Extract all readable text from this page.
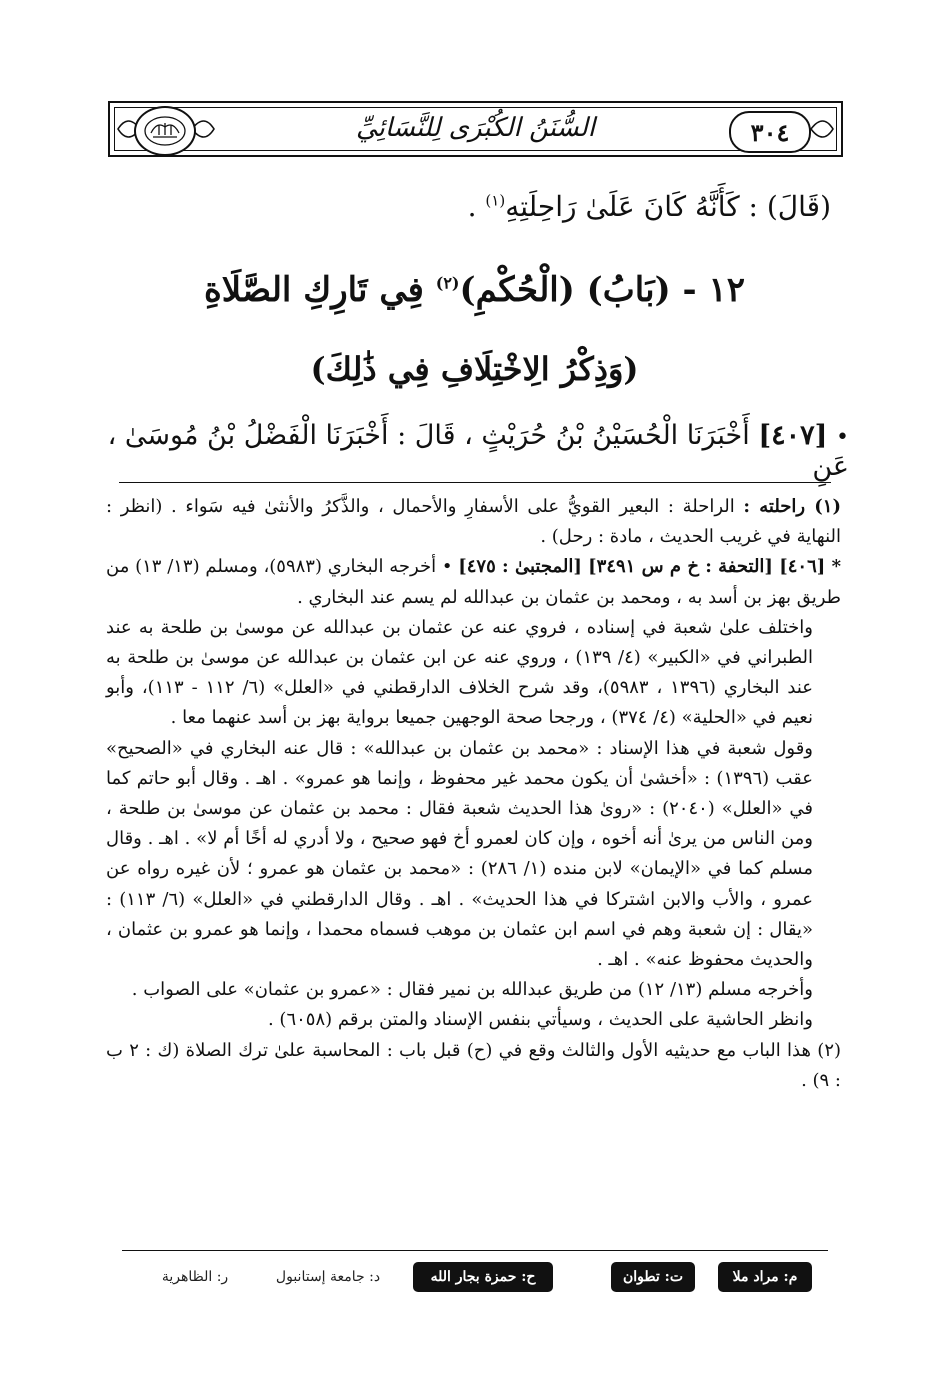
السُّنَنُ الكُبْرَى لِلنَّسَائِيِّ	٣٠٤
(قَالَ) : كَأَنَّهُ كَانَ عَلَىٰ رَاحِلَتِهِ$^{(١)}$ .
١٢ - (بَابُ) (الْحُكْمِ)$^{(٢)}$ فِي تَارِكِ الصَّلَاةِ
(وَذِكْرُ الِاخْتِلَافِ فِي ذَٰلِكَ)
• [٤٠٧] أَخْبَرَنَا الْحُسَيْنُ بْنُ حُرَيْثٍ ، قَالَ : أَخْبَرَنَا الْفَضْلُ بْنُ مُوسَىٰ ، عَنِ

(١) راحلته : الراحلة : البعير القويُّ على الأسفارِ والأحمال ، والذَّكرُ والأنثىٰ فيه سَواء . (انظر : النهاية في غريب الحديث ، مادة : رحل) .

* [٤٠٦] [التحفة : خ م س ٣٤٩١] [المجتبىٰ : ٤٧٥] • أخرجه البخاري (٥٩٨٣)، ومسلم (١٣/ ١٣) من طريق بهز بن أسد به ، ومحمد بن عثمان بن عبدالله لم يسم عند البخاري .

واختلف علىٰ شعبة في إسناده ، فروي عنه عن عثمان بن عبدالله عن موسىٰ بن طلحة به عند الطبراني في «الكبير» (٤/ ١٣٩) ، وروي عنه عن ابن عثمان بن عبدالله عن موسىٰ بن طلحة به عند البخاري (١٣٩٦ ، ٥٩٨٣)، وقد شرح الخلاف الدارقطني في «العلل» (٦/ ١١٢ - ١١٣)، وأبو نعيم في «الحلية» (٤/ ٣٧٤) ، ورجحا صحة الوجهين جميعا برواية بهز بن أسد عنهما معا .

وقول شعبة في هذا الإسناد : «محمد بن عثمان بن عبدالله» : قال عنه البخاري في «الصحيح» عقب (١٣٩٦) : «أخشىٰ أن يكون محمد غير محفوظ ، وإنما هو عمرو» . اهـ . وقال أبو حاتم كما في «العلل» (٢٠٤٠) : «روىٰ هذا الحديث شعبة فقال : محمد بن عثمان عن موسىٰ بن طلحة ، ومن الناس من يرىٰ أنه أخوه ، وإن كان لعمرو أخ فهو صحيح ، ولا أدري له أخًا أم لا» . اهـ . وقال مسلم كما في «الإيمان» لابن منده (١/ ٢٨٦) : «محمد بن عثمان هو عمرو ؛ لأن غيره رواه عن عمرو ، والأب والابن اشتركا في هذا الحديث» . اهـ . وقال الدارقطني في «العلل» (٦/ ١١٣) : «يقال : إن شعبة وهم في اسم ابن عثمان بن موهب فسماه محمدا ، وإنما هو عمرو بن عثمان ، والحديث محفوظ عنه» . اهـ .

وأخرجه مسلم (١٣/ ١٢) من طريق عبدالله بن نمير فقال : «عمرو بن عثمان» على الصواب .

وانظر الحاشية على الحديث ، وسيأتي بنفس الإسناد والمتن برقم (٦٠٥٨) .

(٢) هذا الباب مع حديثيه الأول والثالث وقع في (ح) قبل باب : المحاسبة علىٰ ترك الصلاة (ك : ٢ ب : ٩) .

م: مراد ملا
ت: تطوان
ح: حمزة بجار الله
د: جامعة إستانبول
ر: الظاهرية
